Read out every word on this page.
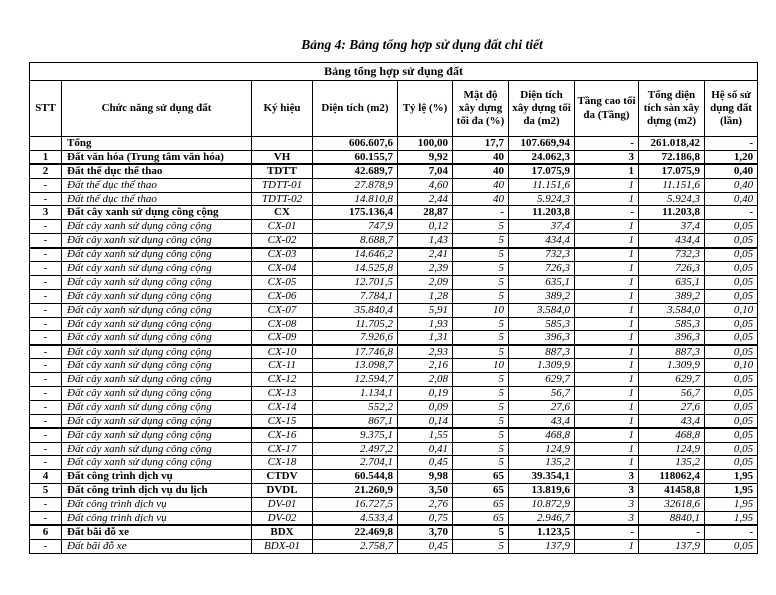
Bảng 4: Bảng tổng hợp sử dụng đất chi tiết
Bảng tổng hợp sử dụng đất									
STT	Chức năng sử dụng đất	Ký hiệu	Diện tích (m2)	Tỷ lệ (%)	Mật độ xây dựng tối đa (%)	Diện tích xây dựng tối đa (m2)	Tầng cao tối đa (Tầng)	Tổng diện tích sàn xây dựng (m2)	Hệ số sử dụng đất (lần)
	Tổng		606.607,6	100,00	17,7	107.669,94	-	261.018,42	-
1	Đất văn hóa (Trung tâm văn hóa)	VH	60.155,7	9,92	40	24.062,3	3	72.186,8	1,20
2	Đất thể dục thể thao	TDTT	42.689,7	7,04	40	17.075,9	1	17.075,9	0,40
-	Đất thể dục thể thao	TDTT-01	27.878,9	4,60	40	11.151,6	1	11.151,6	0,40
-	Đất thể dục thể thao	TDTT-02	14.810,8	2,44	40	5.924,3	1	5.924,3	0,40
3	Đất cây xanh sử dụng công cộng	CX	175.136,4	28,87	-	11.203,8	-	11.203,8	-
-	Đất cây xanh sử dụng công cộng	CX-01	747,9	0,12	5	37,4	1	37,4	0,05
-	Đất cây xanh sử dụng công cộng	CX-02	8.688,7	1,43	5	434,4	1	434,4	0,05
-	Đất cây xanh sử dụng công cộng	CX-03	14.646,2	2,41	5	732,3	1	732,3	0,05
-	Đất cây xanh sử dụng công cộng	CX-04	14.525,8	2,39	5	726,3	1	726,3	0,05
-	Đất cây xanh sử dụng công cộng	CX-05	12.701,5	2,09	5	635,1	1	635,1	0,05
-	Đất cây xanh sử dụng công cộng	CX-06	7.784,1	1,28	5	389,2	1	389,2	0,05
-	Đất cây xanh sử dụng công cộng	CX-07	35.840,4	5,91	10	3.584,0	1	3.584,0	0,10
-	Đất cây xanh sử dụng công cộng	CX-08	11.705,2	1,93	5	585,3	1	585,3	0,05
-	Đất cây xanh sử dụng công cộng	CX-09	7.926,6	1,31	5	396,3	1	396,3	0,05
-	Đất cây xanh sử dụng công cộng	CX-10	17.746,8	2,93	5	887,3	1	887,3	0,05
-	Đất cây xanh sử dụng công cộng	CX-11	13.098,7	2,16	10	1.309,9	1	1.309,9	0,10
-	Đất cây xanh sử dụng công cộng	CX-12	12.594,7	2,08	5	629,7	1	629,7	0,05
-	Đất cây xanh sử dụng công cộng	CX-13	1.134,1	0,19	5	56,7	1	56,7	0,05
-	Đất cây xanh sử dụng công cộng	CX-14	552,2	0,09	5	27,6	1	27,6	0,05
-	Đất cây xanh sử dụng công cộng	CX-15	867,1	0,14	5	43,4	1	43,4	0,05
-	Đất cây xanh sử dụng công cộng	CX-16	9.375,1	1,55	5	468,8	1	468,8	0,05
-	Đất cây xanh sử dụng công cộng	CX-17	2.497,2	0,41	5	124,9	1	124,9	0,05
-	Đất cây xanh sử dụng công cộng	CX-18	2.704,1	0,45	5	135,2	1	135,2	0,05
4	Đất công trình dịch vụ	CTDV	60.544,8	9,98	65	39.354,1	3	118062,4	1,95
5	Đất công trình dịch vụ du lịch	DVDL	21.260,9	3,50	65	13.819,6	3	41458,8	1,95
-	Đất công trình dịch vụ	DV-01	16.727,5	2,76	65	10.872,9	3	32618,6	1,95
-	Đất công trình dịch vụ	DV-02	4.533,4	0,75	65	2.946,7	3	8840,1	1,95
6	Đất bãi đỗ xe	BDX	22.469,8	3,70	5	1.123,5	-	-	-
-	Đất bãi đỗ xe	BDX-01	2.758,7	0,45	5	137,9	1	137,9	0,05
